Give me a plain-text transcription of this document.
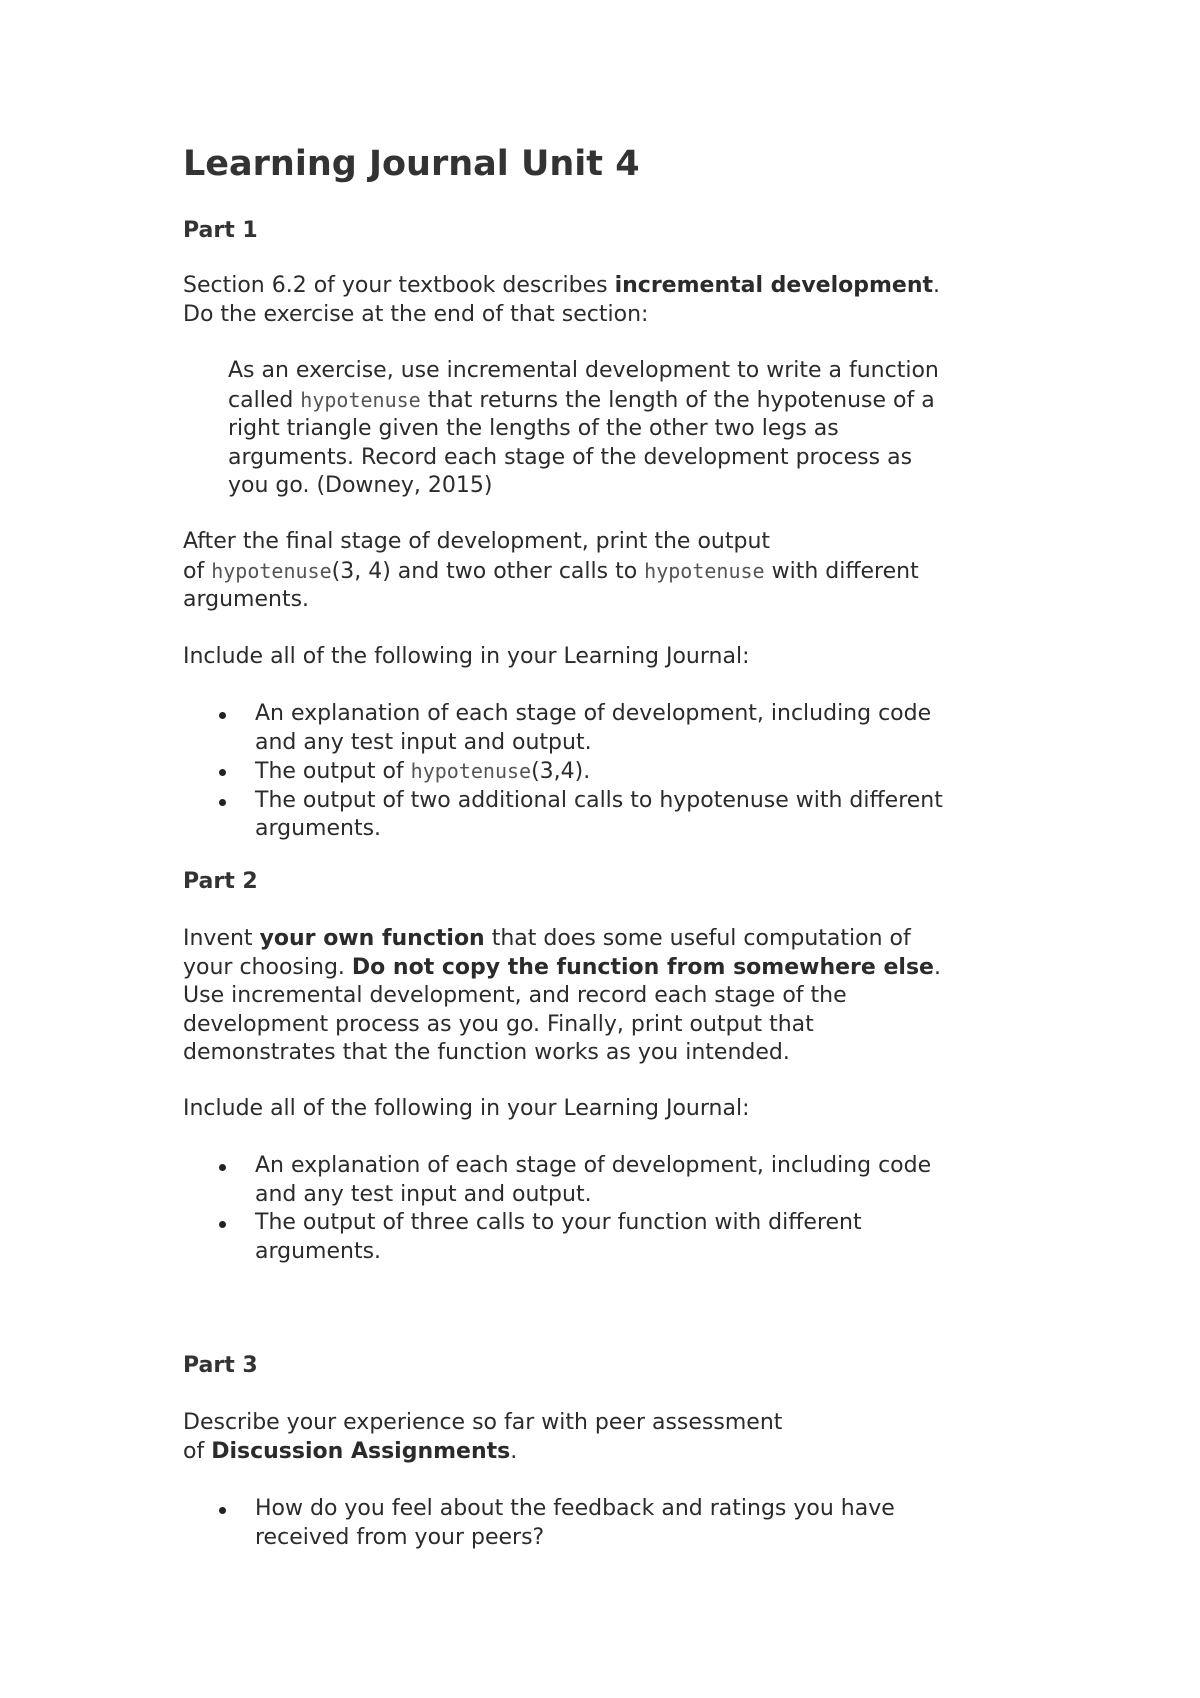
Learning Journal Unit 4
Part 1

Section 6.2 of your textbook describes incremental development.
Do the exercise at the end of that section:

As an exercise, use incremental development to write a function
called hypotenuse that returns the length of the hypotenuse of a
right triangle given the lengths of the other two legs as
arguments. Record each stage of the development process as
you go. (Downey, 2015)

After the final stage of development, print the output
of hypotenuse(3, 4) and two other calls to hypotenuse with different
arguments.

Include all of the following in your Learning Journal:

An explanation of each stage of development, including code
and any test input and output.
The output of hypotenuse(3,4).
The output of two additional calls to hypotenuse with different
arguments.
Part 2

Invent your own function that does some useful computation of
your choosing. Do not copy the function from somewhere else.
Use incremental development, and record each stage of the
development process as you go. Finally, print output that
demonstrates that the function works as you intended.

Include all of the following in your Learning Journal:

An explanation of each stage of development, including code
and any test input and output.
The output of three calls to your function with different
arguments.
Part 3

Describe your experience so far with peer assessment
of Discussion Assignments.

How do you feel about the feedback and ratings you have
received from your peers?
